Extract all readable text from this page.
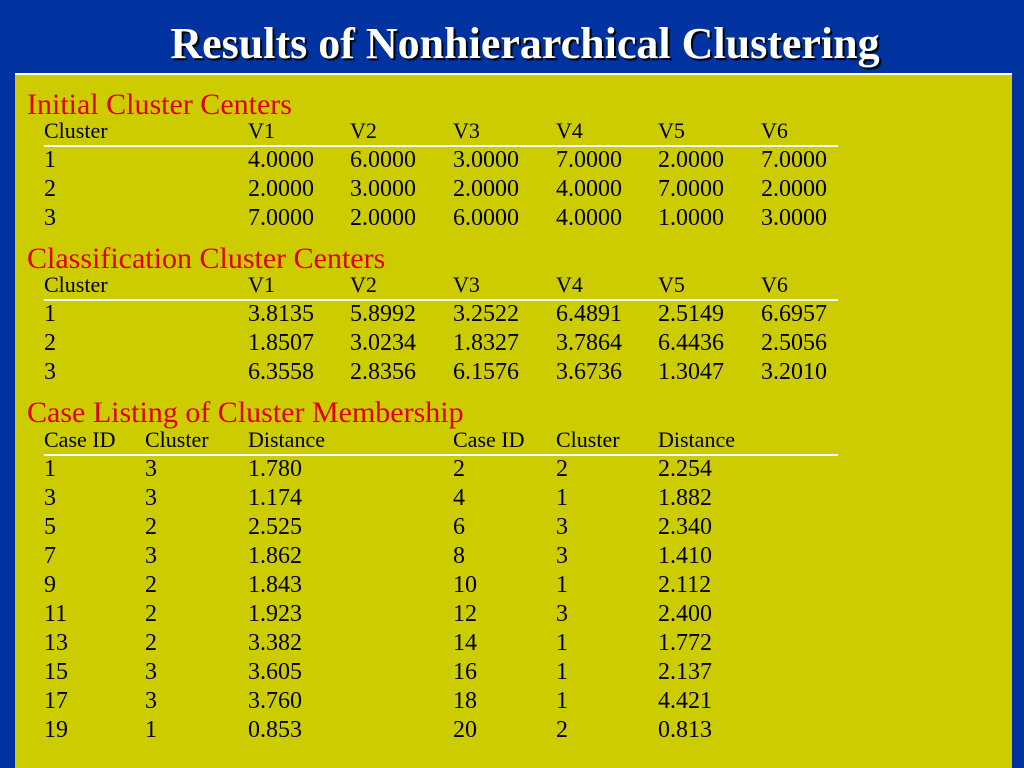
Results of Nonhierarchical Clustering
Initial Cluster Centers
Cluster	V1	V2	V3	V4	V5	V6
1	4.0000 6.0000 3.0000 7.0000 2.0000 7.0000
2	2.0000 3.0000 2.0000 4.0000 7.0000 2.0000
3	7.0000 2.0000 6.0000 4.0000 1.0000 3.0000
Classification Cluster Centers
Cluster	V1	V2	V3	V4	V5	V6
1	3.8135 5.8992 3.2522 6.4891 2.5149 6.6957
2	1.8507 3.0234 1.8327 3.7864 6.4436 2.5056
3	6.3558 2.8356 6.1576 3.6736 1.3047 3.2010
Case Listing of Cluster Membership
Case ID Cluster Distance	Case ID Cluster Distance
1	3	1.780	2	2	2.254
3	3	1.174	4	1	1.882
5	2	2.525	6	3	2.340
7	3	1.862	8	3	1.410
9	2	1.843	10	1	2.112
11	2	1.923	12	3	2.400
13	2	3.382	14	1	1.772
15	3	3.605	16	1	2.137
17	3	3.760	18	1	4.421
19	1	0.853	20	2	0.813
